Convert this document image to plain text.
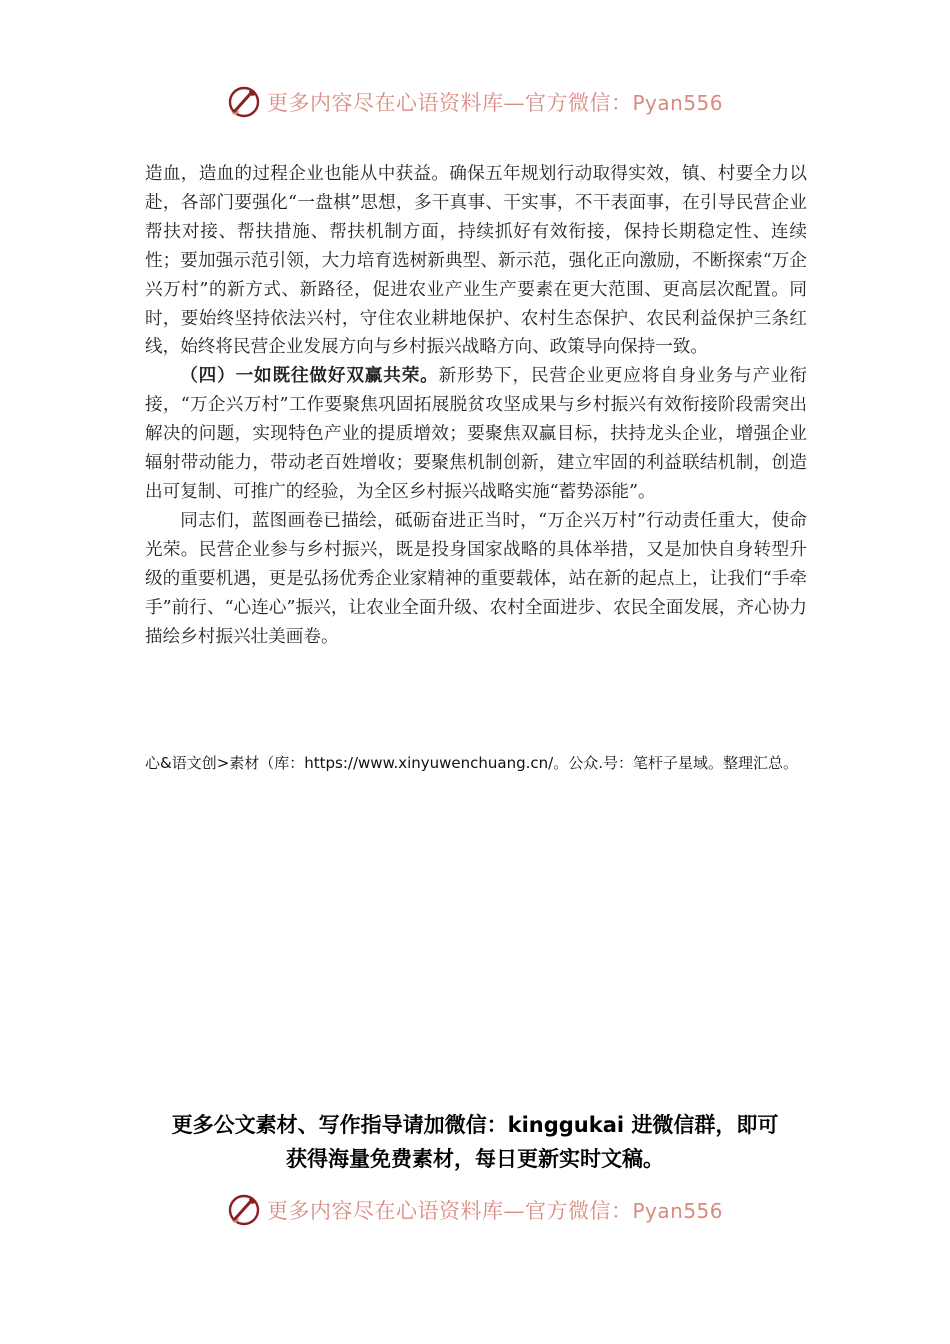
更多内容尽在心语资料库—官方微信：Pyan556

造血，造血的过程企业也能从中获益。确保五年规划行动取得实效，镇、村要全力以赴，各部门要强化“一盘棋”思想，多干真事、干实事，不干表面事，在引导民营企业帮扶对接、帮扶措施、帮扶机制方面，持续抓好有效衔接，保持长期稳定性、连续性；要加强示范引领，大力培育选树新典型、新示范，强化正向激励，不断探索“万企兴万村”的新方式、新路径，促进农业产业生产要素在更大范围、更高层次配置。同时，要始终坚持依法兴村，守住农业耕地保护、农村生态保护、农民利益保护三条红线，始终将民营企业发展方向与乡村振兴战略方向、政策导向保持一致。

（四）一如既往做好双赢共荣。新形势下，民营企业更应将自身业务与产业衔接，“万企兴万村”工作要聚焦巩固拓展脱贫攻坚成果与乡村振兴有效衔接阶段需突出解决的问题，实现特色产业的提质增效；要聚焦双赢目标，扶持龙头企业，增强企业辐射带动能力，带动老百姓增收；要聚焦机制创新，建立牢固的利益联结机制，创造出可复制、可推广的经验，为全区乡村振兴战略实施“蓄势添能”。

同志们，蓝图画卷已描绘，砥砺奋进正当时，“万企兴万村”行动责任重大，使命光荣。民营企业参与乡村振兴，既是投身国家战略的具体举措，又是加快自身转型升级的重要机遇，更是弘扬优秀企业家精神的重要载体，站在新的起点上，让我们“手牵手”前行、“心连心”振兴，让农业全面升级、农村全面进步、农民全面发展，齐心协力描绘乡村振兴壮美画卷。

心&语文创>素材（库：https://www.xinyuwenchuang.cn/。公众.号：笔杆子星域。整理汇总。
更多公文素材、写作指导请加微信：kinggukai 进微信群，即可
获得海量免费素材，每日更新实时文稿。
更多内容尽在心语资料库—官方微信：Pyan556
